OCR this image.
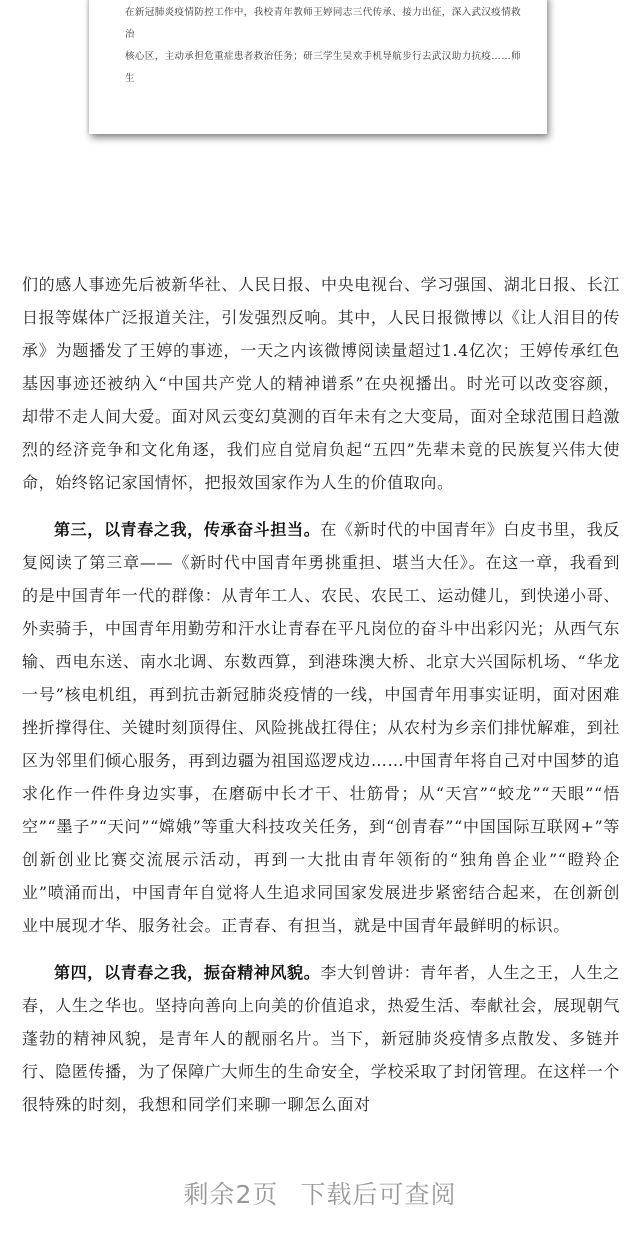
在新冠肺炎疫情防控工作中，我校青年教师王婷同志三代传承、接力出征，深入武汉疫情救治
核心区，主动承担危重症患者救治任务；研三学生吴欢手机导航步行去武汉助力抗疫……师生

们的感人事迹先后被新华社、人民日报、中央电视台、学习强国、湖北日报、长江日报等媒体广泛报道关注，引发强烈反响。其中，人民日报微博以《让人泪目的传承》为题播发了王婷的事迹，一天之内该微博阅读量超过1.4亿次；王婷传承红色基因事迹还被纳入“中国共产党人的精神谱系”在央视播出。时光可以改变容颜，却带不走人间大爱。面对风云变幻莫测的百年未有之大变局，面对全球范围日趋激烈的经济竞争和文化角逐，我们应自觉肩负起“五四”先辈未竟的民族复兴伟大使命，始终铭记家国情怀，把报效国家作为人生的价值取向。

第三，以青春之我，传承奋斗担当。在《新时代的中国青年》白皮书里，我反复阅读了第三章——《新时代中国青年勇挑重担、堪当大任》。在这一章，我看到的是中国青年一代的群像：从青年工人、农民、农民工、运动健儿，到快递小哥、外卖骑手，中国青年用勤劳和汗水让青春在平凡岗位的奋斗中出彩闪光；从西气东输、西电东送、南水北调、东数西算，到港珠澳大桥、北京大兴国际机场、“华龙一号”核电机组，再到抗击新冠肺炎疫情的一线，中国青年用事实证明，面对困难挫折撑得住、关键时刻顶得住、风险挑战扛得住；从农村为乡亲们排忧解难，到社区为邻里们倾心服务，再到边疆为祖国巡逻戍边……中国青年将自己对中国梦的追求化作一件件身边实事，在磨砺中长才干、壮筋骨；从“天宫”“蛟龙”“天眼”“悟空”“墨子”“天问”“嫦娥”等重大科技攻关任务，到“创青春”“中国国际互联网+”等创新创业比赛交流展示活动，再到一大批由青年领衔的“独角兽企业”“瞪羚企业”喷涌而出，中国青年自觉将人生追求同国家发展进步紧密结合起来，在创新创业中展现才华、服务社会。正青春、有担当，就是中国青年最鲜明的标识。

第四，以青春之我，振奋精神风貌。李大钊曾讲：青年者，人生之王，人生之春，人生之华也。坚持向善向上向美的价值追求，热爱生活、奉献社会，展现朝气蓬勃的精神风貌，是青年人的靓丽名片。当下，新冠肺炎疫情多点散发、多链并行、隐匿传播，为了保障广大师生的生命安全，学校采取了封闭管理。在这样一个很特殊的时刻，我想和同学们来聊一聊怎么面对

剩余2页 下载后可查阅
